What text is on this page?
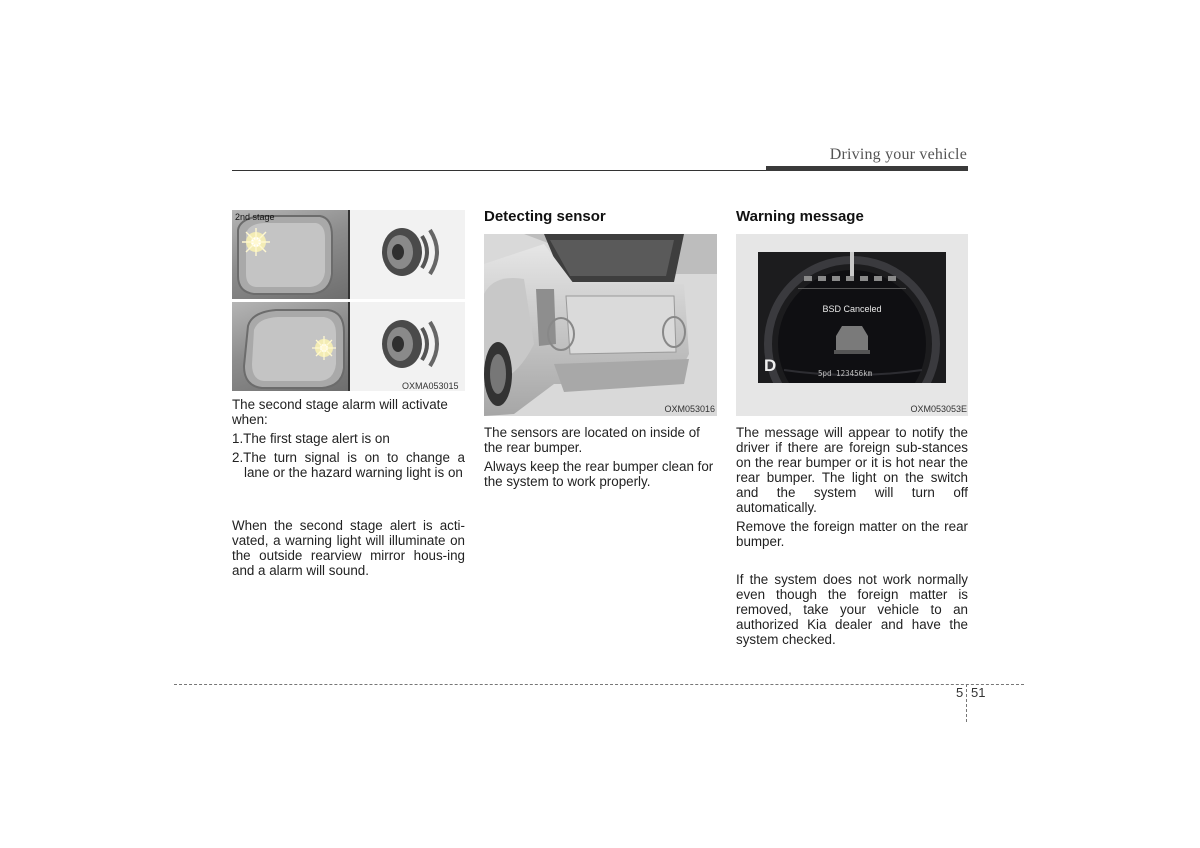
Driving your vehicle
2nd stage
OXMA053015
The second stage alarm will activate when:
1.The first stage alert is on
2.The turn signal is on to change a lane or the hazard warning light is on
When the second stage alert is acti-vated, a warning light will illuminate on the outside rearview mirror hous-ing and a alarm will sound.
Detecting sensor
OXM053016
The sensors are located on inside of the rear bumper.
Always keep the rear bumper clean for the system to work properly.
Warning message
BSD Canceled
D	5pd 123456km
OXM053053E
The message will appear to notify the driver if there are foreign sub-stances on the rear bumper or it is hot near the rear bumper. The light on the switch and the system will turn off automatically.
Remove the foreign matter on the rear bumper.
If the system does not work normally even though the foreign matter is removed, take your vehicle to an authorized Kia dealer and have the system checked.
5 51
